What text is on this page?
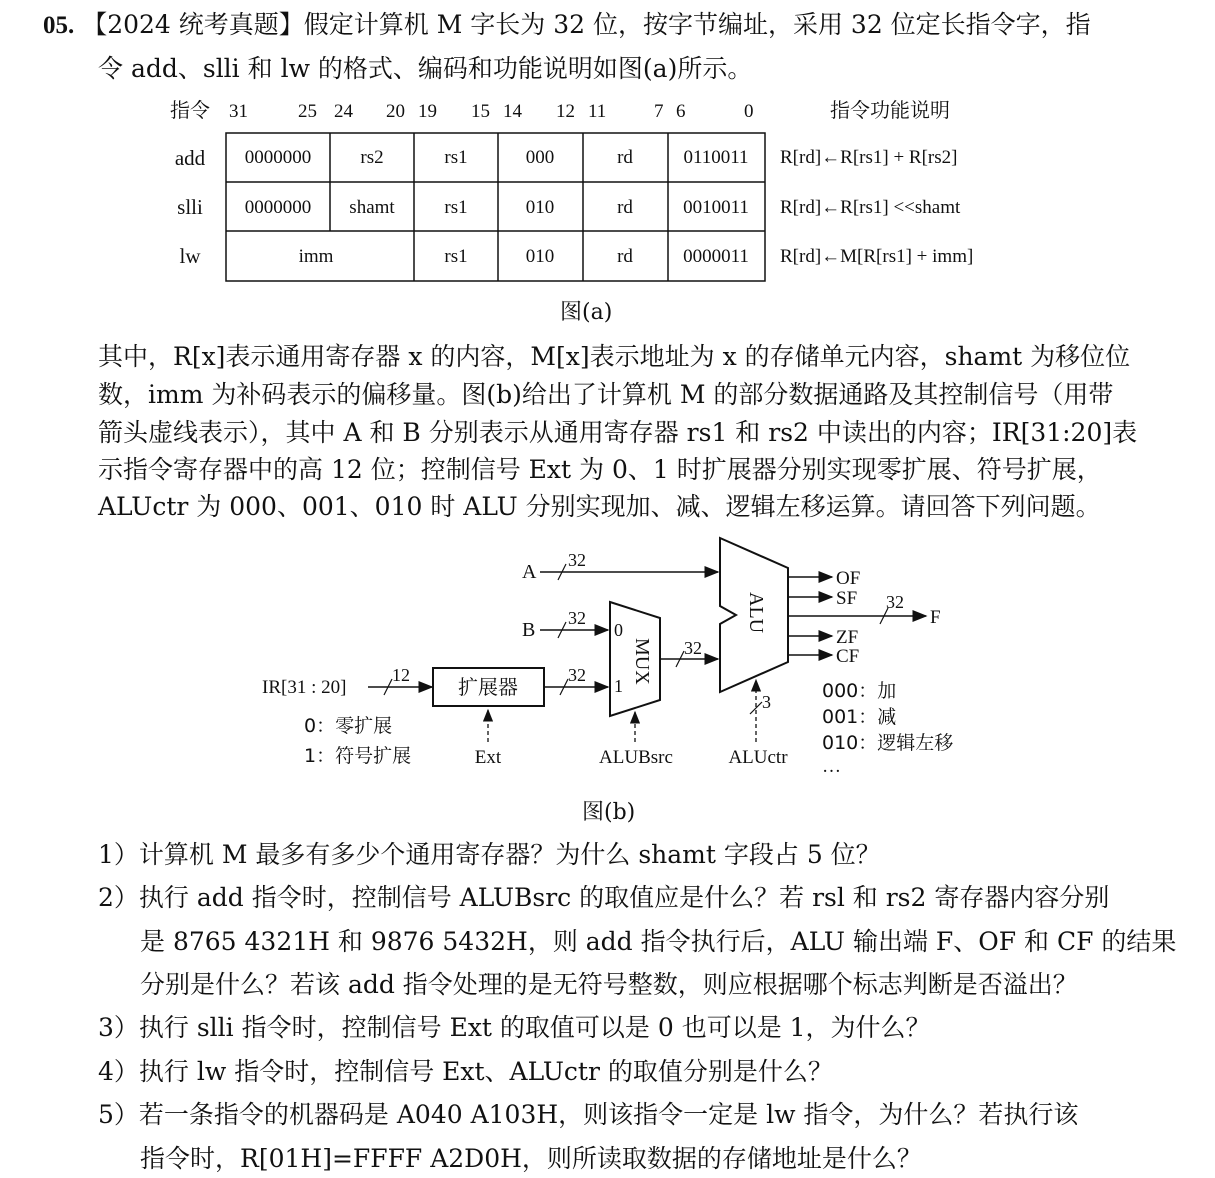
05. 【2024 统考真题】假定计算机 M 字长为 32 位，按字节编址，采用 32 位定长指令字，指
令 add、slli 和 lw 的格式、编码和功能说明如图(a)所示。
指令 31	25 24 20 19 15 14 12 11	7 6	0	指令功能说明
add 0000000	rs2	rs1	000	rd	0110011 R[rd]←R[rs1] + R[rs2]
slli 0000000 shamt	rs1	010	rd	0010011 R[rd]←R[rs1] <<shamt
lw	imm	rs1	010	rd	0000011 R[rd]←M[R[rs1] + imm]
图(a)
其中，R[x]表示通用寄存器 x 的内容，M[x]表示地址为 x 的存储单元内容，shamt 为移位位
数，imm 为补码表示的偏移量。图(b)给出了计算机 M 的部分数据通路及其控制信号（用带
箭头虚线表示），其中 A 和 B 分别表示从通用寄存器 rs1 和 rs2 中读出的内容；IR[31:20]表
示指令寄存器中的高 12 位；控制信号 Ext 为 0、1 时扩展器分别实现零扩展、符号扩展，
ALUctr 为 000、001、010 时 ALU 分别实现加、减、逻辑左移运算。请回答下列问题。
A
32
B
32
IR[31 : 20]
12 扩展器
Ext
0：零扩展
1：符号扩展
32
0
1
MUX
ALUBsrc
32
ALU
OF
SF 32
F
ZF
CF
3
ALUctr
000：加
001：减
010：逻辑左移
…
图(b)
1）计算机 M 最多有多少个通用寄存器？为什么 shamt 字段占 5 位？
2）执行 add 指令时，控制信号 ALUBsrc 的取值应是什么？若 rsl 和 rs2 寄存器内容分别
是 8765 4321H 和 9876 5432H，则 add 指令执行后，ALU 输出端 F、OF 和 CF 的结果
分别是什么？若该 add 指令处理的是无符号整数，则应根据哪个标志判断是否溢出？
3）执行 slli 指令时，控制信号 Ext 的取值可以是 0 也可以是 1，为什么？
4）执行 lw 指令时，控制信号 Ext、ALUctr 的取值分别是什么？
5）若一条指令的机器码是 A040 A103H，则该指令一定是 lw 指令，为什么？若执行该
指令时，R[01H]=FFFF A2D0H，则所读取数据的存储地址是什么？
